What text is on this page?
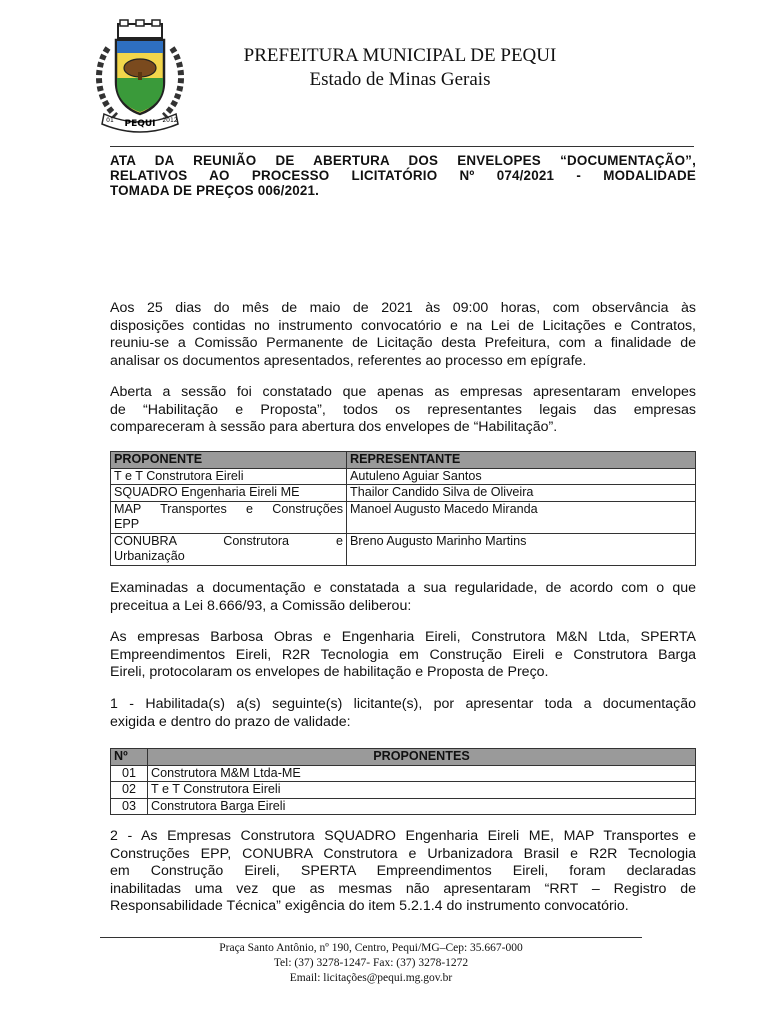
PEQUI
01	2012
PREFEITURA MUNICIPAL DE PEQUI
Estado de Minas Gerais
ATA DA REUNIÃO DE ABERTURA DOS ENVELOPES “DOCUMENTAÇÃO”,
RELATIVOS AO PROCESSO LICITATÓRIO Nº 074/2021 - MODALIDADE
TOMADA DE PREÇOS 006/2021.
Aos 25 dias do mês de maio de 2021 às 09:00 horas, com observância às
disposições contidas no instrumento convocatório e na Lei de Licitações e Contratos,
reuniu-se a Comissão Permanente de Licitação desta Prefeitura, com a finalidade de
analisar os documentos apresentados, referentes ao processo em epígrafe.
Aberta a sessão foi constatado que apenas as empresas apresentaram envelopes
de “Habilitação e Proposta”, todos os representantes legais das empresas
compareceram à sessão para abertura dos envelopes de “Habilitação”.
PROPONENTE	REPRESENTANTE
T e T Construtora Eireli	Autuleno Aguiar Santos
SQUADRO Engenharia Eireli ME	Thailor Candido Silva de Oliveira

MAP Transportes e Construções
EPP	Manoel Augusto Macedo Miranda

CONUBRA Construtora e
Urbanização	Breno Augusto Marinho Martins
Examinadas a documentação e constatada a sua regularidade, de acordo com o que
preceitua a Lei 8.666/93, a Comissão deliberou:
As empresas Barbosa Obras e Engenharia Eireli, Construtora M&N Ltda, SPERTA
Empreendimentos Eireli, R2R Tecnologia em Construção Eireli e Construtora Barga
Eireli, protocolaram os envelopes de habilitação e Proposta de Preço.
1 - Habilitada(s) a(s) seguinte(s) licitante(s), por apresentar toda a documentação
exigida e dentro do prazo de validade:
Nº	PROPONENTES
01	Construtora M&M Ltda-ME
02	T e T Construtora Eireli
03	Construtora Barga Eireli
2 - As Empresas Construtora SQUADRO Engenharia Eireli ME, MAP Transportes e
Construções EPP, CONUBRA Construtora e Urbanizadora Brasil e R2R Tecnologia
em Construção Eireli, SPERTA Empreendimentos Eireli, foram declaradas
inabilitadas uma vez que as mesmas não apresentaram “RRT – Registro de
Responsabilidade Técnica” exigência do item 5.2.1.4 do instrumento convocatório.
Praça Santo Antônio, nº 190, Centro, Pequi/MG–Cep: 35.667-000
Tel: (37) 3278-1247- Fax: (37) 3278-1272
Email: licitações@pequi.mg.gov.br
